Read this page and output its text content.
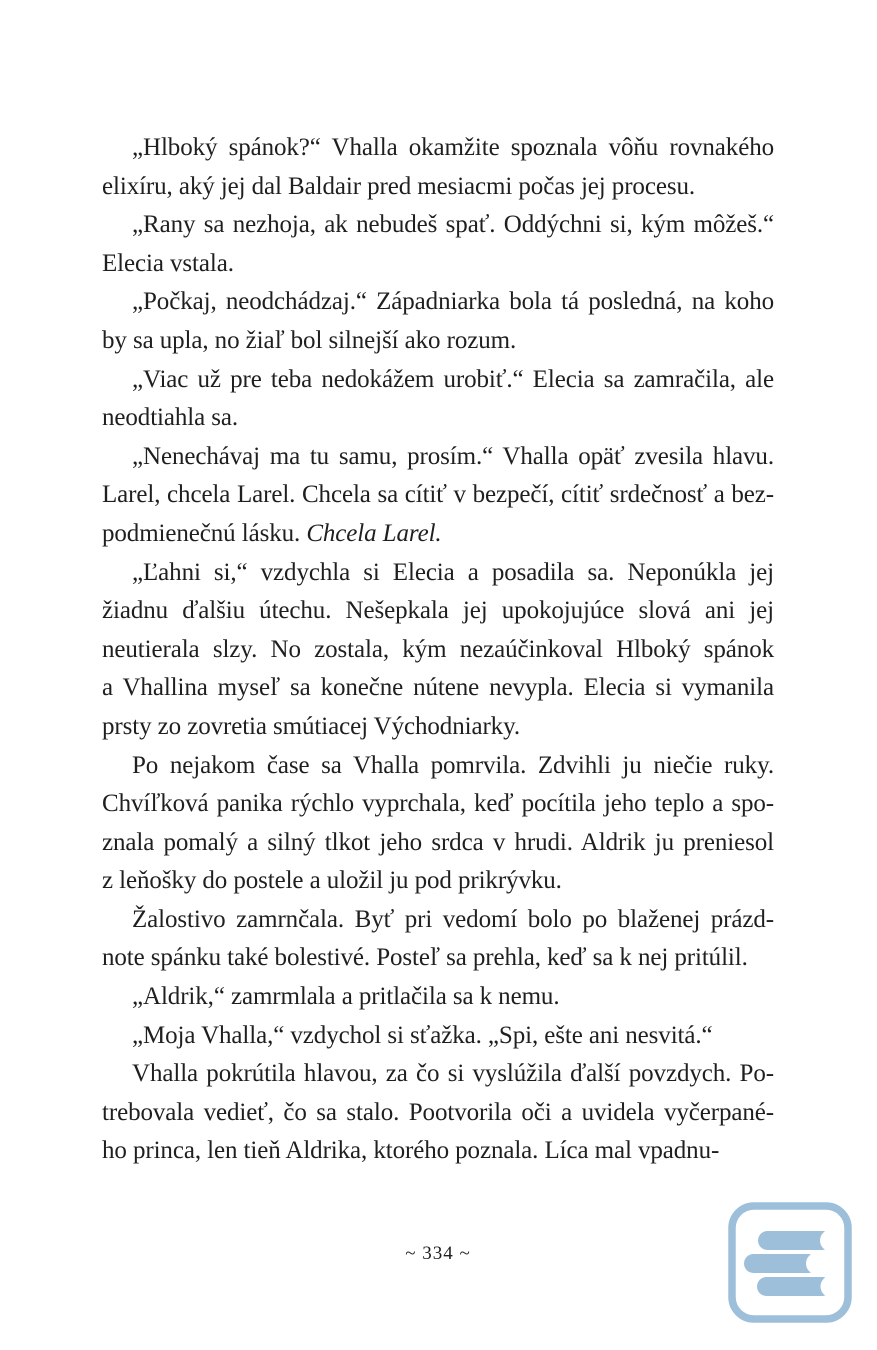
„Hlboký spánok?“ Vhalla okamžite spoznala vôňu rovnakého
elixíru, aký jej dal Baldair pred mesiacmi počas jej procesu.
„Rany sa nezhoja, ak nebudeš spať. Oddýchni si, kým môžeš.“
Elecia vstala.
„Počkaj, neodchádzaj.“ Západniarka bola tá posledná, na koho
by sa upla, no žiaľ bol silnejší ako rozum.
„Viac už pre teba nedokážem urobiť.“ Elecia sa zamračila, ale
neodtiahla sa.
„Nenechávaj ma tu samu, prosím.“ Vhalla opäť zvesila hlavu.
Larel, chcela Larel. Chcela sa cítiť v bezpečí, cítiť srdečnosť a bez-
podmienečnú lásku. Chcela Larel.
„Ľahni si,“ vzdychla si Elecia a posadila sa. Neponúkla jej
žiadnu ďalšiu útechu. Nešepkala jej upokojujúce slová ani jej
neutierala slzy. No zostala, kým nezaúčinkoval Hlboký spánok
a Vhallina myseľ sa konečne nútene nevypla. Elecia si vymanila
prsty zo zovretia smútiacej Východniarky.
Po nejakom čase sa Vhalla pomrvila. Zdvihli ju niečie ruky.
Chvíľková panika rýchlo vyprchala, keď pocítila jeho teplo a spo-
znala pomalý a silný tlkot jeho srdca v hrudi. Aldrik ju preniesol
z leňošky do postele a uložil ju pod prikrývku.
Žalostivo zamrnčala. Byť pri vedomí bolo po blaženej prázd-
note spánku také bolestivé. Posteľ sa prehla, keď sa k nej pritúlil.
„Aldrik,“ zamrmlala a pritlačila sa k nemu.
„Moja Vhalla,“ vzdychol si sťažka. „Spi, ešte ani nesvitá.“
Vhalla pokrútila hlavou, za čo si vyslúžila ďalší povzdych. Po-
trebovala vedieť, čo sa stalo. Pootvorila oči a uvidela vyčerpané-
ho princa, len tieň Aldrika, ktorého poznala. Líca mal vpadnu-
~ 334 ~
